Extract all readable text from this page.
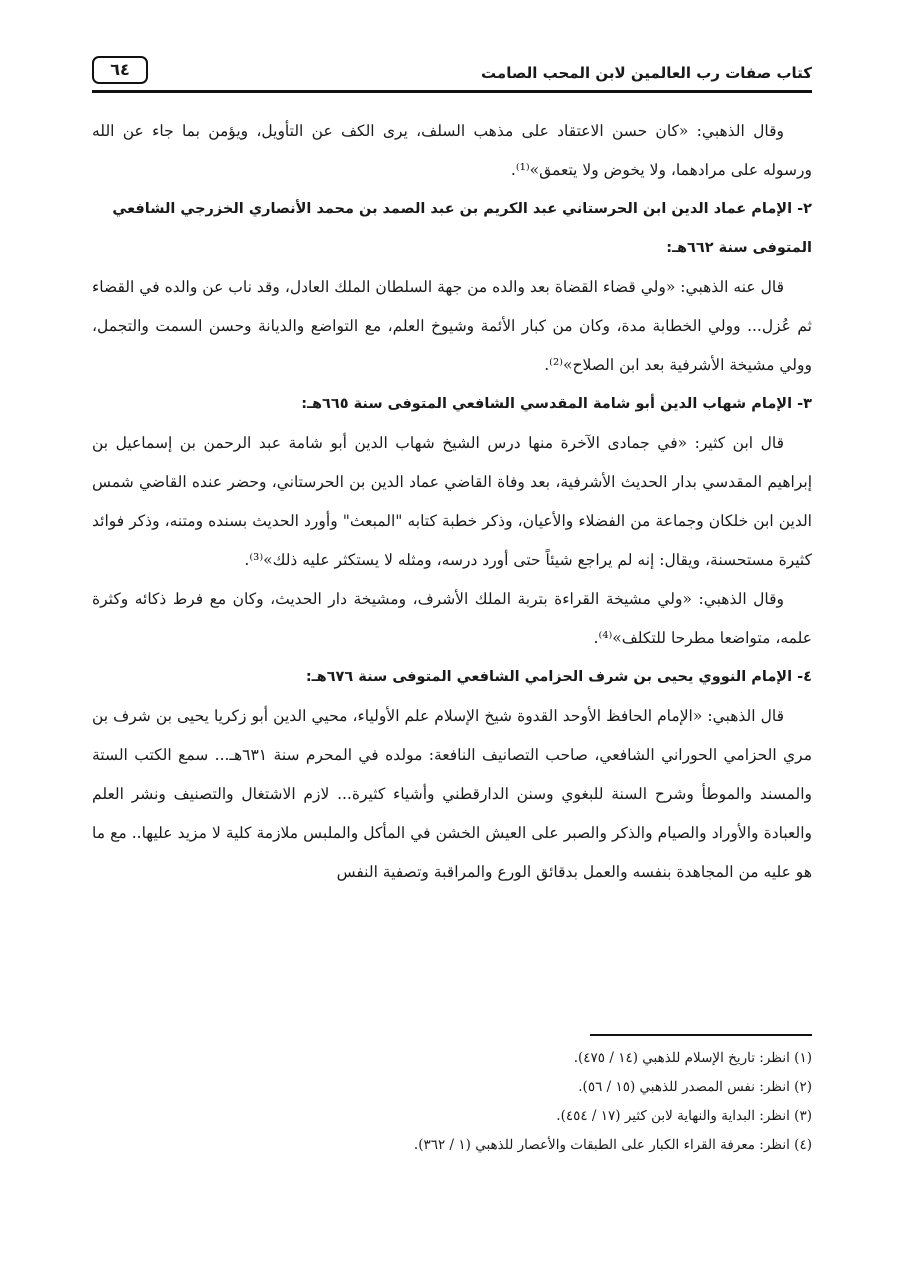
كتاب صفات رب العالمين لابن المحب الصامت
٦٤

وقال الذهبي: «كان حسن الاعتقاد على مذهب السلف، يرى الكف عن التأويل، ويؤمن بما جاء عن الله ورسوله على مرادهما، ولا يخوض ولا يتعمق»⁽¹⁾.

٢- الإمام عماد الدين ابن الحرستاني عبد الكريم بن عبد الصمد بن محمد الأنصاري الخزرجي الشافعي المتوفى سنة ٦٦٢هـ:

قال عنه الذهبي: «ولي قضاء القضاة بعد والده من جهة السلطان الملك العادل، وقد ناب عن والده في القضاء ثم عُزل... وولي الخطابة مدة، وكان من كبار الأئمة وشيوخ العلم، مع التواضع والديانة وحسن السمت والتجمل، وولي مشيخة الأشرفية بعد ابن الصلاح»⁽²⁾.

٣- الإمام شهاب الدين أبو شامة المقدسي الشافعي المتوفى سنة ٦٦٥هـ:

قال ابن كثير: «في جمادى الآخرة منها درس الشيخ شهاب الدين أبو شامة عبد الرحمن بن إسماعيل بن إبراهيم المقدسي بدار الحديث الأشرفية، بعد وفاة القاضي عماد الدين بن الحرستاني، وحضر عنده القاضي شمس الدين ابن خلكان وجماعة من الفضلاء والأعيان، وذكر خطبة كتابه "المبعث" وأورد الحديث بسنده ومتنه، وذكر فوائد كثيرة مستحسنة، ويقال: إنه لم يراجع شيئاً حتى أورد درسه، ومثله لا يستكثر عليه ذلك»⁽³⁾.

وقال الذهبي: «ولي مشيخة القراءة بتربة الملك الأشرف، ومشيخة دار الحديث، وكان مع فرط ذكائه وكثرة علمه، متواضعا مطرحا للتكلف»⁽⁴⁾.

٤- الإمام النووي يحيى بن شرف الحزامي الشافعي المتوفى سنة ٦٧٦هـ:

قال الذهبي: «الإمام الحافظ الأوحد القدوة شيخ الإسلام علم الأولياء، محيي الدين أبو زكريا يحيى بن شرف بن مري الحزامي الحوراني الشافعي، صاحب التصانيف النافعة: مولده في المحرم سنة ٦٣١هـ... سمع الكتب الستة والمسند والموطأ وشرح السنة للبغوي وسنن الدارقطني وأشياء كثيرة... لازم الاشتغال والتصنيف ونشر العلم والعبادة والأوراد والصيام والذكر والصبر على العيش الخشن في المأكل والملبس ملازمة كلية لا مزيد عليها.. مع ما هو عليه من المجاهدة بنفسه والعمل بدقائق الورع والمراقبة وتصفية النفس

(١) انظر: تاريخ الإسلام للذهبي (١٤ / ٤٧٥).

(٢) انظر: نفس المصدر للذهبي (١٥ / ٥٦).

(٣) انظر: البداية والنهاية لابن كثير (١٧ / ٤٥٤).

(٤) انظر: معرفة القراء الكبار على الطبقات والأعصار للذهبي (١ / ٣٦٢).
